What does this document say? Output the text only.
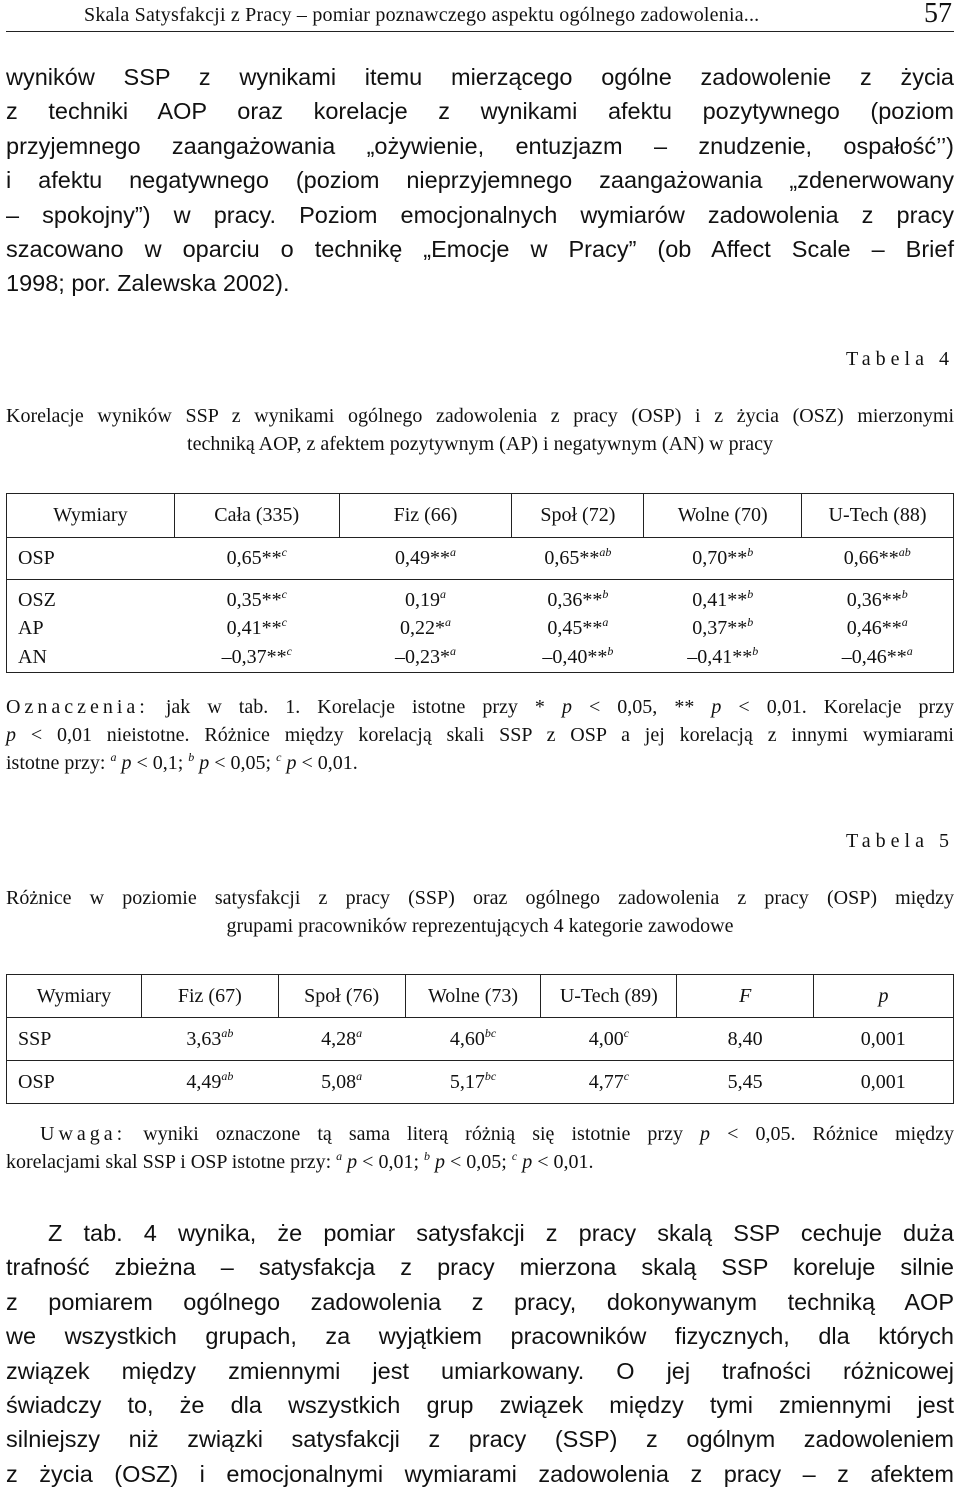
Skala Satysfakcji z Pracy – pomiar poznawczego aspektu ogólnego zadowolenia...	57
wyników SSP z wynikami itemu mierzącego ogólne zadowolenie z życia
z techniki AOP oraz korelacje z wynikami afektu pozytywnego (poziom
przyjemnego zaangażowania „ożywienie, entuzjazm – znudzenie, ospałość’’)
i afektu negatywnego (poziom nieprzyjemnego zaangażowania „zdenerwowany
– spokojny”) w pracy. Poziom emocjonalnych wymiarów zadowolenia z pracy
szacowano w oparciu o technikę „Emocje w Pracy” (ob Affect Scale – Brief
1998; por. Zalewska 2002).
Tabela 4
Korelacje wyników SSP z wynikami ogólnego zadowolenia z pracy (OSP) i z życia (OSZ) mierzonymi
techniką AOP, z afektem pozytywnym (AP) i negatywnym (AN) w pracy
Wymiary	Cała (335)	Fiz (66)	Społ (72)	Wolne (70)	U-Tech (88)
OSP	0,65**$^c$	0,49**$^a$	0,65**$^{ab}$	0,70**$^b$	0,66**$^{ab}$
OSZ	0,35**$^c$	0,19$^a$	0,36**$^b$	0,41**$^b$	0,36**$^b$
AP	0,41**$^c$	0,22*$^a$	0,45**$^a$	0,37**$^b$	0,46**$^a$
AN	–0,37**$^c$	–0,23*$^a$	–0,40**$^b$	–0,41**$^b$	–0,46**$^a$
Oznaczenia: jak w tab. 1. Korelacje istotne przy * p < 0,05, ** p < 0,01. Korelacje przy
p < 0,01 nieistotne. Różnice między korelacją skali SSP z OSP a jej korelacją z innymi wymiarami
istotne przy: $^a$ p < 0,1; $^b$ p < 0,05; $^c$ p < 0,01.
Tabela 5
Różnice w poziomie satysfakcji z pracy (SSP) oraz ogólnego zadowolenia z pracy (OSP) między
grupami pracowników reprezentujących 4 kategorie zawodowe
Wymiary	Fiz (67)	Społ (76)	Wolne (73)	U-Tech (89)	F	p
SSP	3,63$^{ab}$	4,28$^a$	4,60$^{bc}$	4,00$^c$	8,40	0,001
OSP	4,49$^{ab}$	5,08$^a$	5,17$^{bc}$	4,77$^c$	5,45	0,001
Uwaga: wyniki oznaczone tą sama literą różnią się istotnie przy p < 0,05. Różnice między
korelacjami skal SSP i OSP istotne przy: $^a$ p < 0,01; $^b$ p < 0,05; $^c$ p < 0,01.
Z tab. 4 wynika, że pomiar satysfakcji z pracy skalą SSP cechuje duża
trafność zbieżna – satysfakcja z pracy mierzona skalą SSP koreluje silnie
z pomiarem ogólnego zadowolenia z pracy, dokonywanym techniką AOP
we wszystkich grupach, za wyjątkiem pracowników fizycznych, dla których
związek między zmiennymi jest umiarkowany. O jej trafności różnicowej
świadczy to, że dla wszystkich grup związek między tymi zmiennymi jest
silniejszy niż związki satysfakcji z pracy (SSP) z ogólnym zadowoleniem
z życia (OSZ) i emocjonalnymi wymiarami zadowolenia z pracy – z afektem
